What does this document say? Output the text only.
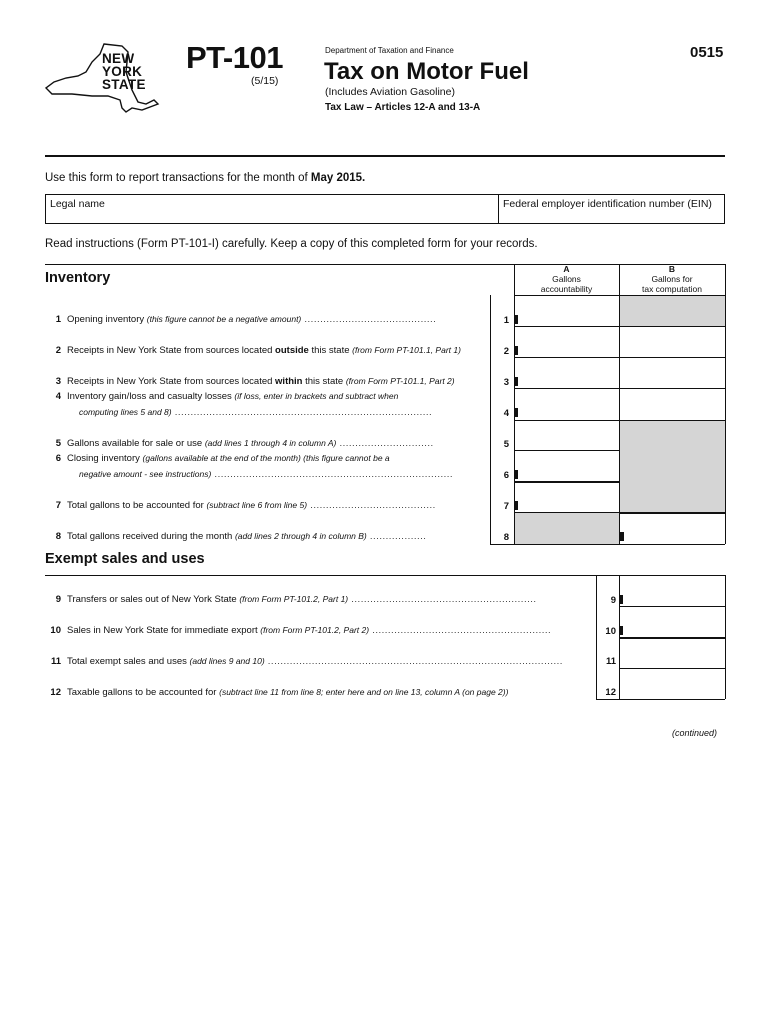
NEW
YORK
STATE
PT-101
(5/15)
Department of Taxation and Finance
Tax on Motor Fuel
(Includes Aviation Gasoline)
Tax Law – Articles 12-A and 13-A
0515
Use this form to report transactions for the month of May 2015.
Legal name	Federal employer identification number (EIN)
Read instructions (Form PT-101-I) carefully. Keep a copy of this completed form for your records.
Inventory
A
Gallons
accountability
B
Gallons for
tax computation
1 Opening inventory (this figure cannot be a negative amount) ..........................................
2 Receipts in New York State from sources located outside this state (from Form PT-101.1, Part 1)
3 Receipts in New York State from sources located within this state (from Form PT-101.1, Part 2)
4 Inventory gain/loss and casualty losses (if loss, enter in brackets and subtract when
computing lines 5 and 8) ..................................................................................
5 Gallons available for sale or use (add lines 1 through 4 in column A) ..............................
6 Closing inventory (gallons available at the end of the month) (this figure cannot be a
negative amount - see instructions) ............................................................................
7 Total gallons to be accounted for (subtract line 6 from line 5) ........................................
8 Total gallons received during the month (add lines 2 through 4 in column B) ..................
1
2
3
4
5
6
7
8
Exempt sales and uses
9 Transfers or sales out of New York State (from Form PT-101.2, Part 1) ...........................................................
10 Sales in New York State for immediate export (from Form PT-101.2, Part 2) .........................................................
11 Total exempt sales and uses (add lines 9 and 10) ..............................................................................................
12 Taxable gallons to be accounted for (subtract line 11 from line 8; enter here and on line 13, column A (on page 2))
9
10
11
12
(continued)
